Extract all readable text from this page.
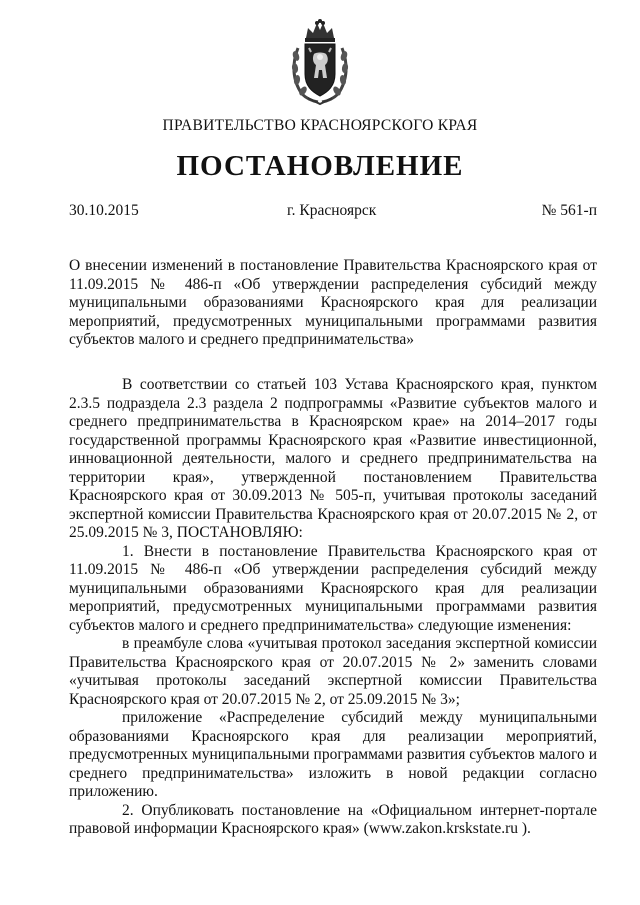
ПРАВИТЕЛЬСТВО КРАСНОЯРСКОГО КРАЯ
ПОСТАНОВЛЕНИЕ
30.10.2015	г. Красноярск	№ 561-п
О внесении изменений в постановление Правительства Красноярского края от 11.09.2015 № 486-п «Об утверждении распределения субсидий между муниципальными образованиями Красноярского края для реализации мероприятий, предусмотренных муниципальными программами развития субъектов малого и среднего предпринимательства»

В соответствии со статьей 103 Устава Красноярского края, пунктом 2.3.5 подраздела 2.3 раздела 2 подпрограммы «Развитие субъектов малого и среднего предпринимательства в Красноярском крае» на 2014–2017 годы государственной программы Красноярского края «Развитие инвестиционной, инновационной деятельности, малого и среднего предпринимательства на территории края», утвержденной постановлением Правительства Красноярского края от 30.09.2013 № 505-п, учитывая протоколы заседаний экспертной комиссии Правительства Красноярского края от 20.07.2015 № 2, от 25.09.2015 № 3, ПОСТАНОВЛЯЮ:

1. Внести в постановление Правительства Красноярского края от 11.09.2015 № 486-п «Об утверждении распределения субсидий между муниципальными образованиями Красноярского края для реализации мероприятий, предусмотренных муниципальными программами развития субъектов малого и среднего предпринимательства» следующие изменения:

в преамбуле слова «учитывая протокол заседания экспертной комиссии Правительства Красноярского края от 20.07.2015 № 2» заменить словами «учитывая протоколы заседаний экспертной комиссии Правительства Красноярского края от 20.07.2015 № 2, от 25.09.2015 № 3»;

приложение «Распределение субсидий между муниципальными образованиями Красноярского края для реализации мероприятий, предусмотренных муниципальными программами развития субъектов малого и среднего предпринимательства» изложить в новой редакции согласно приложению.

2. Опубликовать постановление на «Официальном интернет-портале правовой информации Красноярского края» (www.zakon.krskstate.ru ).
